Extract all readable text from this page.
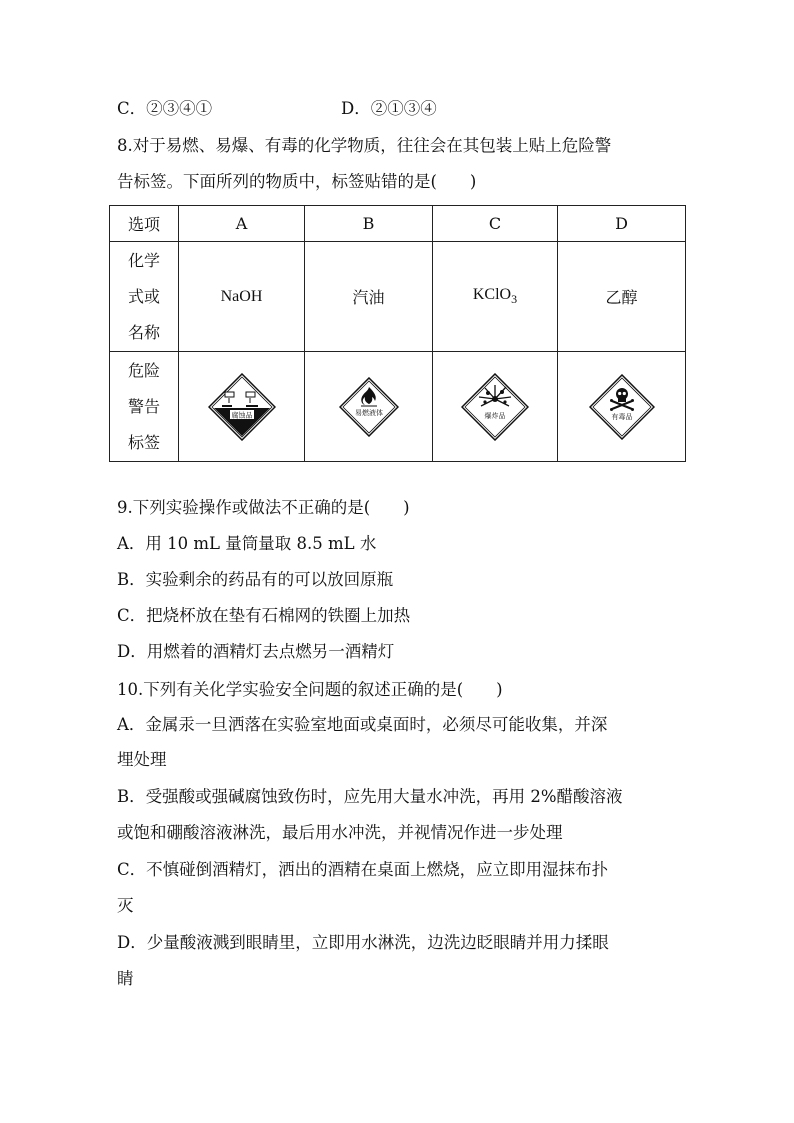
C．②③④①	D．②①③④
8.对于易燃、易爆、有毒的化学物质，往往会在其包装上贴上危险警
告标签。下面所列的物质中，标签贴错的是(　　)
选项	A	B	C	D

化学
式或
名称	NaOH	汽油	KClO$_3$	乙醇

危险
警告
标签	腐蚀品	易燃液体	爆炸品	有毒品
9.下列实验操作或做法不正确的是(　　)
A．用 10 mL 量筒量取 8.5 mL 水
B．实验剩余的药品有的可以放回原瓶
C．把烧杯放在垫有石棉网的铁圈上加热
D．用燃着的酒精灯去点燃另一酒精灯
10.下列有关化学实验安全问题的叙述正确的是(　　)
A．金属汞一旦洒落在实验室地面或桌面时，必须尽可能收集，并深
埋处理
B．受强酸或强碱腐蚀致伤时，应先用大量水冲洗，再用 2%醋酸溶液
或饱和硼酸溶液淋洗，最后用水冲洗，并视情况作进一步处理
C．不慎碰倒酒精灯，洒出的酒精在桌面上燃烧，应立即用湿抹布扑
灭
D．少量酸液溅到眼睛里，立即用水淋洗，边洗边眨眼睛并用力揉眼
睛
